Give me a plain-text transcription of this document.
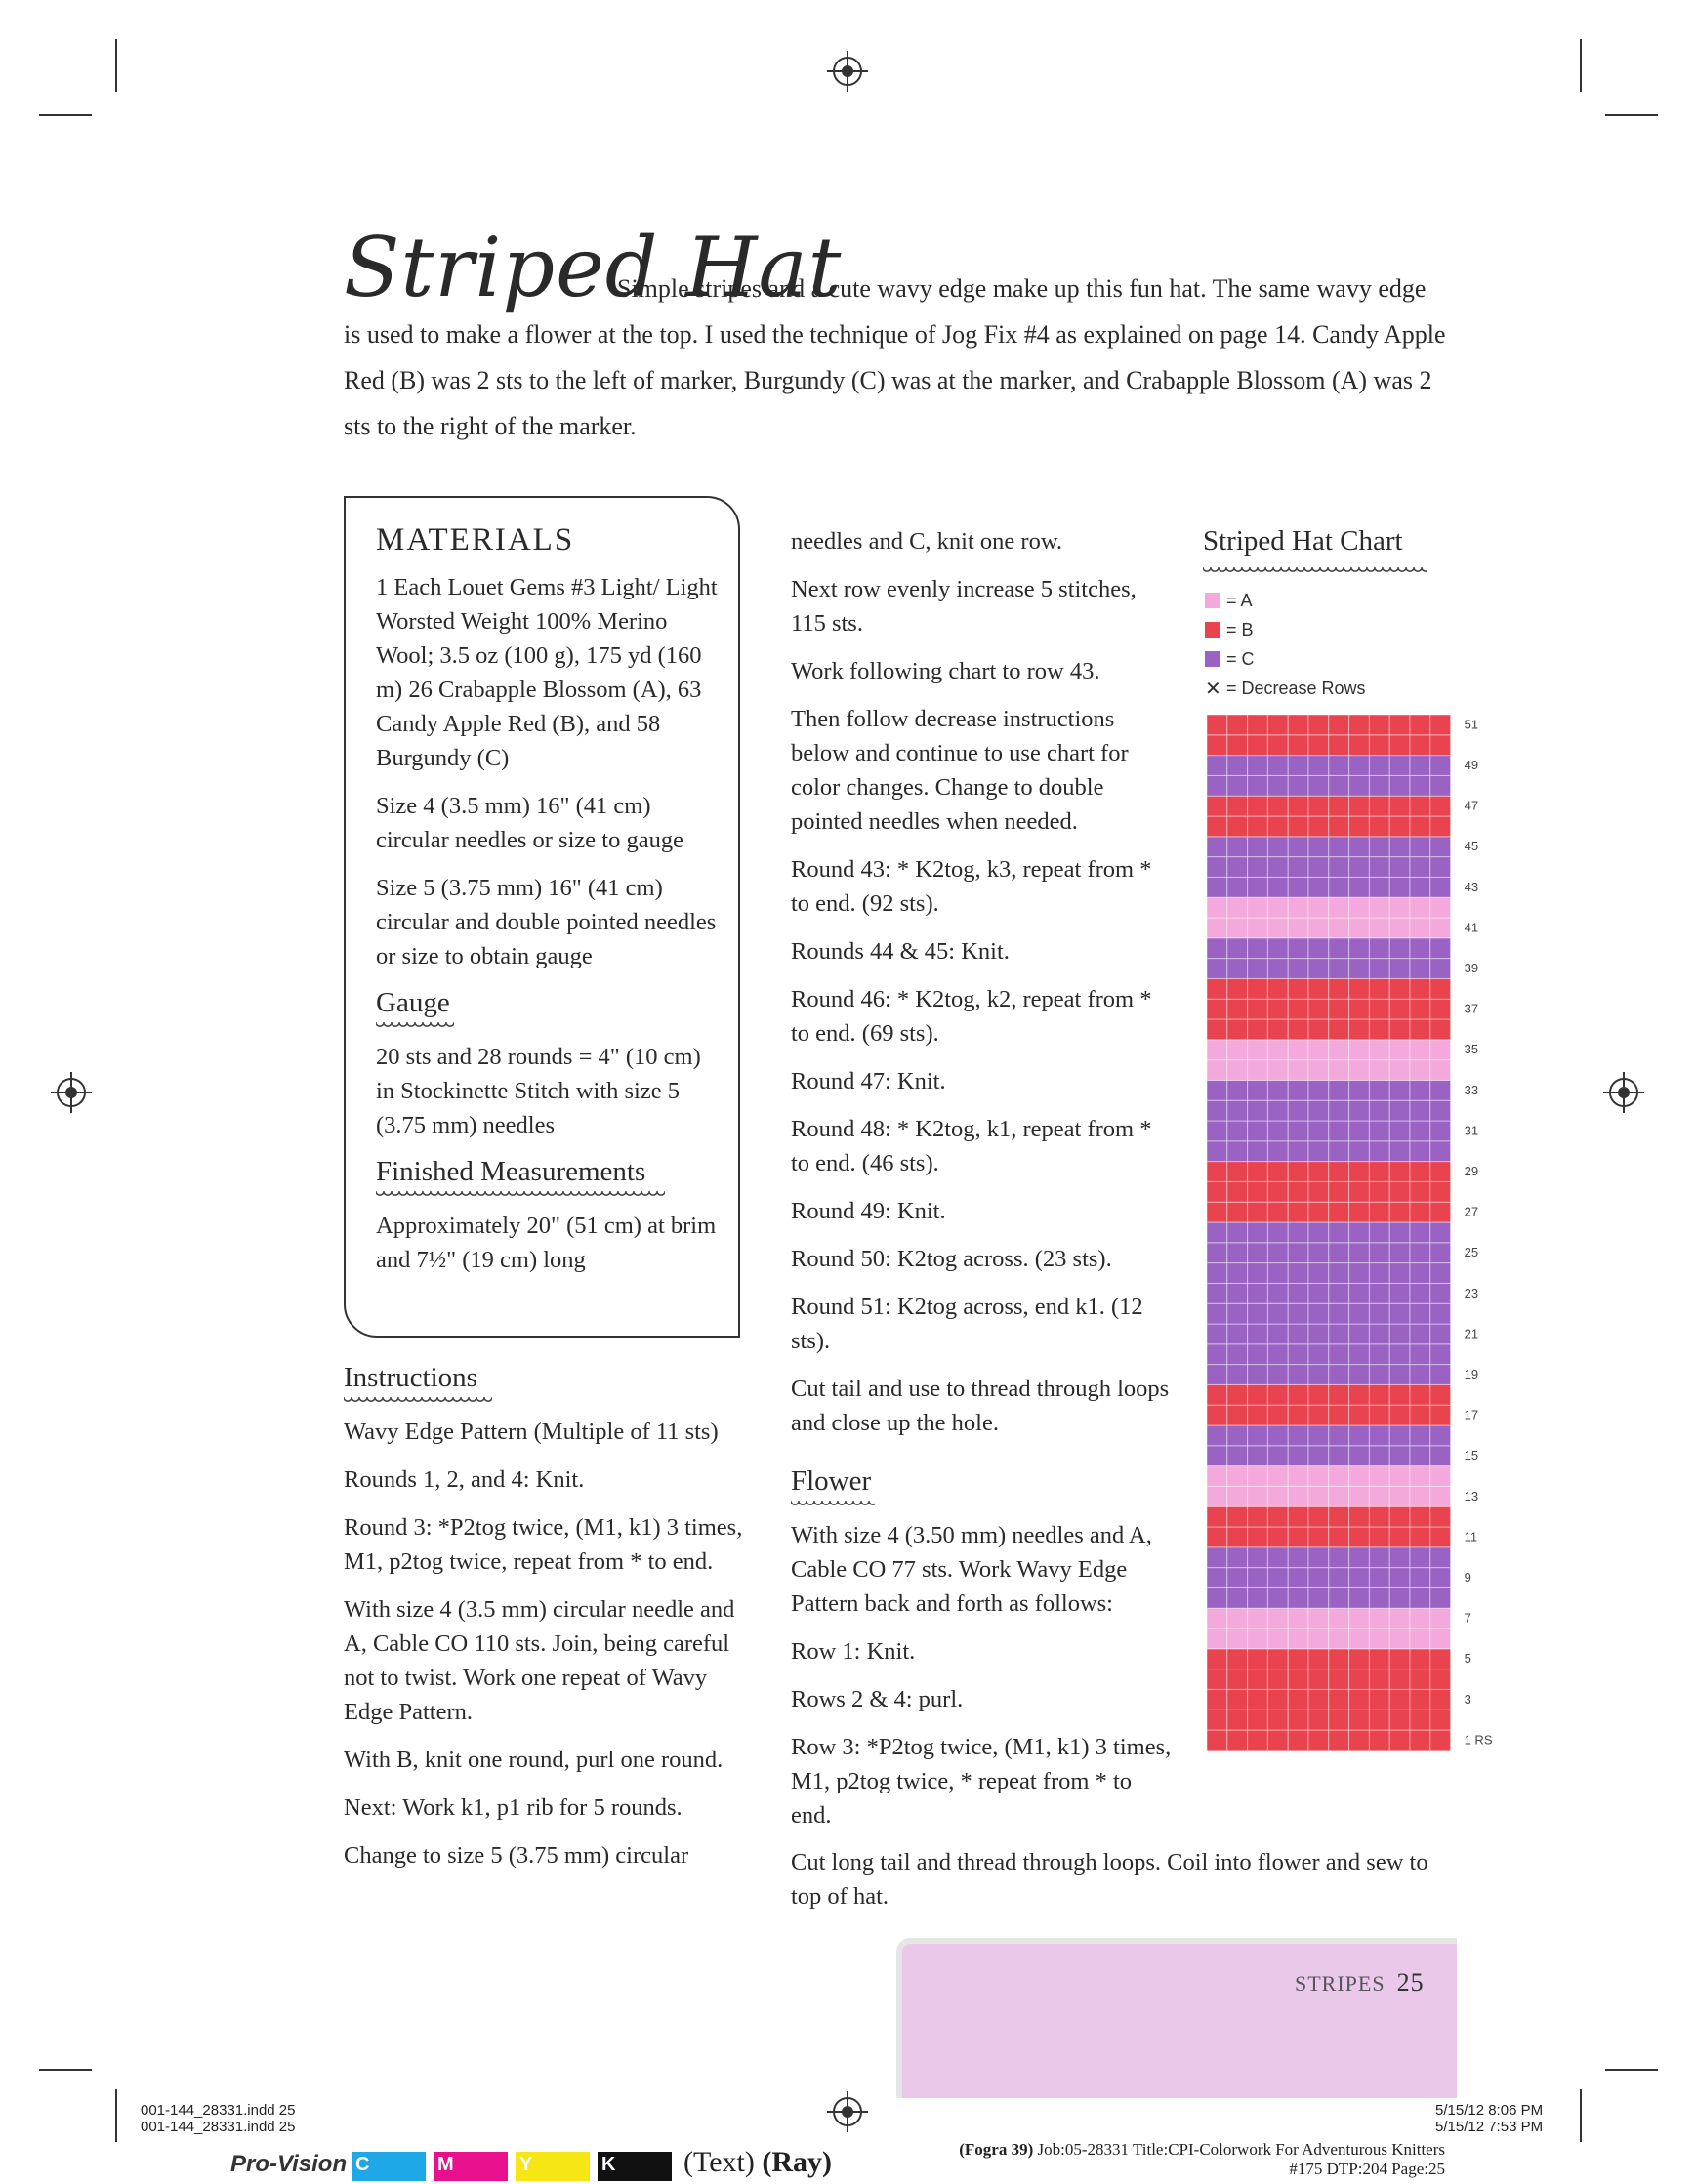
Striped Hat
Simple stripes and a cute wavy edge make up this fun hat. The same wavy edge is used to make a flower at the top. I used the technique of Jog Fix #4 as explained on page 14. Candy Apple Red (B) was 2 sts to the left of marker, Burgundy (C) was at the marker, and Crabapple Blossom (A) was 2 sts to the right of the marker.
MATERIALS

1 Each Louet Gems #3 Light/ Light Worsted Weight 100% Merino Wool; 3.5 oz (100 g), 175 yd (160 m) 26 Crabapple Blossom (A), 63 Candy Apple Red (B), and 58 Burgundy (C)

Size 4 (3.5 mm) 16" (41 cm) circular needles or size to gauge

Size 5 (3.75 mm) 16" (41 cm) circular and double pointed needles or size to obtain gauge

Gauge

20 sts and 28 rounds = 4" (10 cm) in Stockinette Stitch with size 5 (3.75 mm) needles

Finished Measurements

Approximately 20" (51 cm) at brim and 7½" (19 cm) long

Instructions

Wavy Edge Pattern (Multiple of 11 sts)

Rounds 1, 2, and 4: Knit.

Round 3: *P2tog twice, (M1, k1) 3 times, M1, p2tog twice, repeat from * to end.

With size 4 (3.5 mm) circular needle and A, Cable CO 110 sts. Join, being careful not to twist. Work one repeat of Wavy Edge Pattern.

With B, knit one round, purl one round.

Next: Work k1, p1 rib for 5 rounds.

Change to size 5 (3.75 mm) circular

needles and C, knit one row.

Next row evenly increase 5 stitches, 115 sts.

Work following chart to row 43.

Then follow decrease instructions below and continue to use chart for color changes. Change to double pointed needles when needed.

Round 43: * K2tog, k3, repeat from * to end. (92 sts).

Rounds 44 & 45: Knit.

Round 46: * K2tog, k2, repeat from * to end. (69 sts).

Round 47: Knit.

Round 48: * K2tog, k1, repeat from * to end. (46 sts).

Round 49: Knit.

Round 50: K2tog across. (23 sts).

Round 51: K2tog across, end k1. (12 sts).

Cut tail and use to thread through loops and close up the hole.

Flower

With size 4 (3.50 mm) needles and A, Cable CO 77 sts. Work Wavy Edge Pattern back and forth as follows:

Row 1: Knit.

Rows 2 & 4: purl.

Row 3: *P2tog twice, (M1, k1) 3 times, M1, p2tog twice, * repeat from * to end.

Cut long tail and thread through loops. Coil into flower and sew to top of hat.

Striped Hat Chart
= A
= B
= C
✕ = Decrease Rows
1 RS
3
5
7
9
11
13
15
17
19
21
23
25
27
29
31
33
35
37
39
41
43
45
47
49
51
STRIPES 25
001-144_28331.indd 25
001-144_28331.indd 25
5/15/12 8:06 PM
5/15/12 7:53 PM
Pro-Vision C	M	Y	K	(Text) (Ray)	(Fogra 39) Job:05-28331 Title:CPI-Colorwork For Adventurous Knitters
#175 DTP:204 Page:25
